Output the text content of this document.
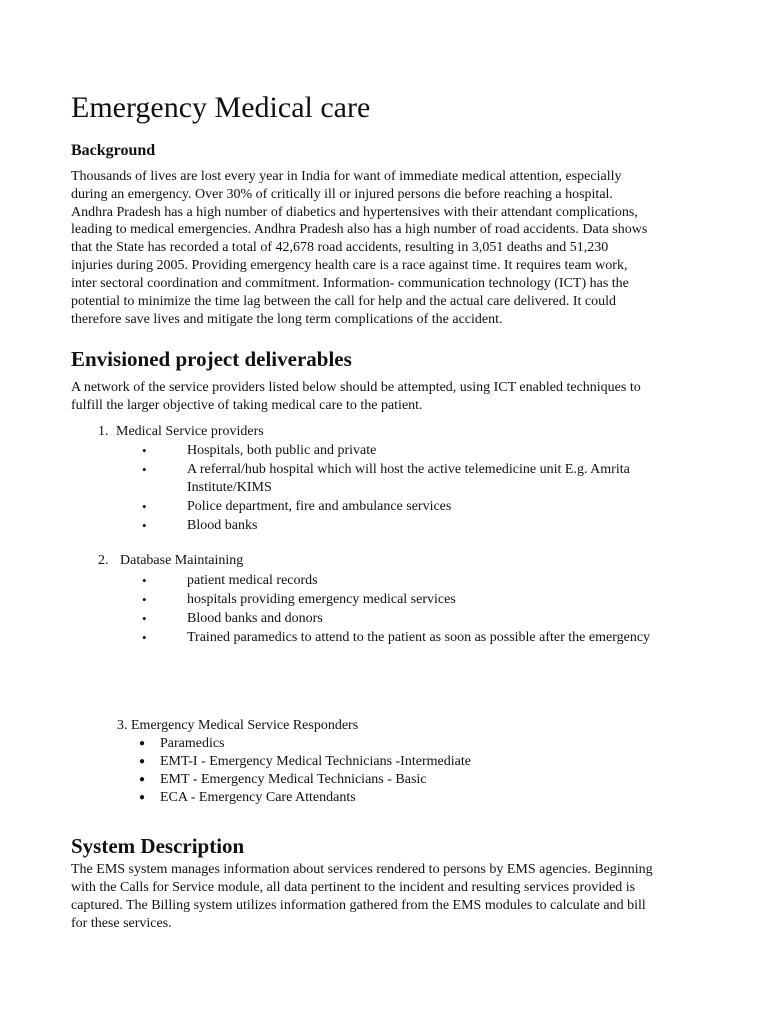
Emergency Medical care
Background

Thousands of lives are lost every year in India for want of immediate medical attention, especially

during an emergency. Over 30% of critically ill or injured persons die before reaching a hospital.

Andhra Pradesh has a high number of diabetics and hypertensives with their attendant complications,

leading to medical emergencies. Andhra Pradesh also has a high number of road accidents. Data shows

that the State has recorded a total of 42,678 road accidents, resulting in 3,051 deaths and 51,230

injuries during 2005. Providing emergency health care is a race against time. It requires team work,

inter sectoral coordination and commitment. Information- communication technology (ICT) has the

potential to minimize the time lag between the call for help and the actual care delivered. It could

therefore save lives and mitigate the long term complications of the accident.

Envisioned project deliverables

A network of the service providers listed below should be attempted, using ICT enabled techniques to

fulfill the larger objective of taking medical care to the patient.

1. Medical Service providers
•	Hospitals, both public and private
•	A referral/hub hospital which will host the active telemedicine unit E.g. Amrita
Institute/KIMS
•	Police department, fire and ambulance services
•	Blood banks
2. Database Maintaining
•	patient medical records
•	hospitals providing emergency medical services
•	Blood banks and donors
•	Trained paramedics to attend to the patient as soon as possible after the emergency
3. Emergency Medical Service Responders
● Paramedics
● EMT-I - Emergency Medical Technicians -Intermediate
● EMT - Emergency Medical Technicians - Basic
● ECA - Emergency Care Attendants
System Description

The EMS system manages information about services rendered to persons by EMS agencies. Beginning

with the Calls for Service module, all data pertinent to the incident and resulting services provided is

captured. The Billing system utilizes information gathered from the EMS modules to calculate and bill

for these services.
